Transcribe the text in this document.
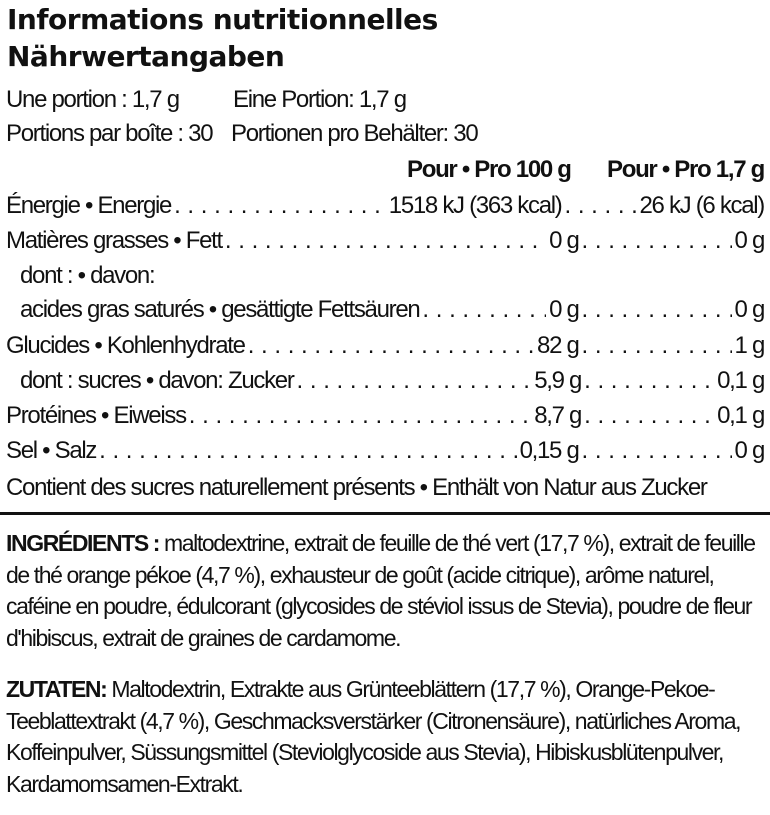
Informations nutritionnelles
Nährwertangaben
Une portion : 1,7 g Eine Portion: 1,7 g
Portions par boîte : 30 Portionen pro Behälter: 30
Pour • Pro 100 g Pour • Pro 1,7 g
Énergie • Energie . . .	1518 kJ (363 kcal) . . .	26 kJ (6 kcal)
Matières grasses • Fett . . .	0 g . . .	0 g
dont : • davon:
acides gras saturés • gesättigte Fettsäuren . . .	0 g . . .	0 g
Glucides • Kohlenhydrate . . .	82 g . . .	1 g
dont : sucres • davon: Zucker . . .	5,9 g . . .	0,1 g
Protéines • Eiweiss . . .	8,7 g . . .	0,1 g
Sel • Salz . . .	0,15 g . . .	0 g
Contient des sucres naturellement présents • Enthält von Natur aus Zucker
INGRÉDIENTS : maltodextrine, extrait de feuille de thé vert (17,7 %), extrait de feuille
de thé orange pékoe (4,7 %), exhausteur de goût (acide citrique), arôme naturel,
caféine en poudre, édulcorant (glycosides de stéviol issus de Stevia), poudre de fleur
d'hibiscus, extrait de graines de cardamome.
ZUTATEN: Maltodextrin, Extrakte aus Grünteeblättern (17,7 %), Orange-Pekoe-
Teeblattextrakt (4,7 %), Geschmacksverstärker (Citronensäure), natürliches Aroma,
Koffeinpulver, Süssungsmittel (Steviolglycoside aus Stevia), Hibiskusblütenpulver,
Kardamomsamen-Extrakt.
